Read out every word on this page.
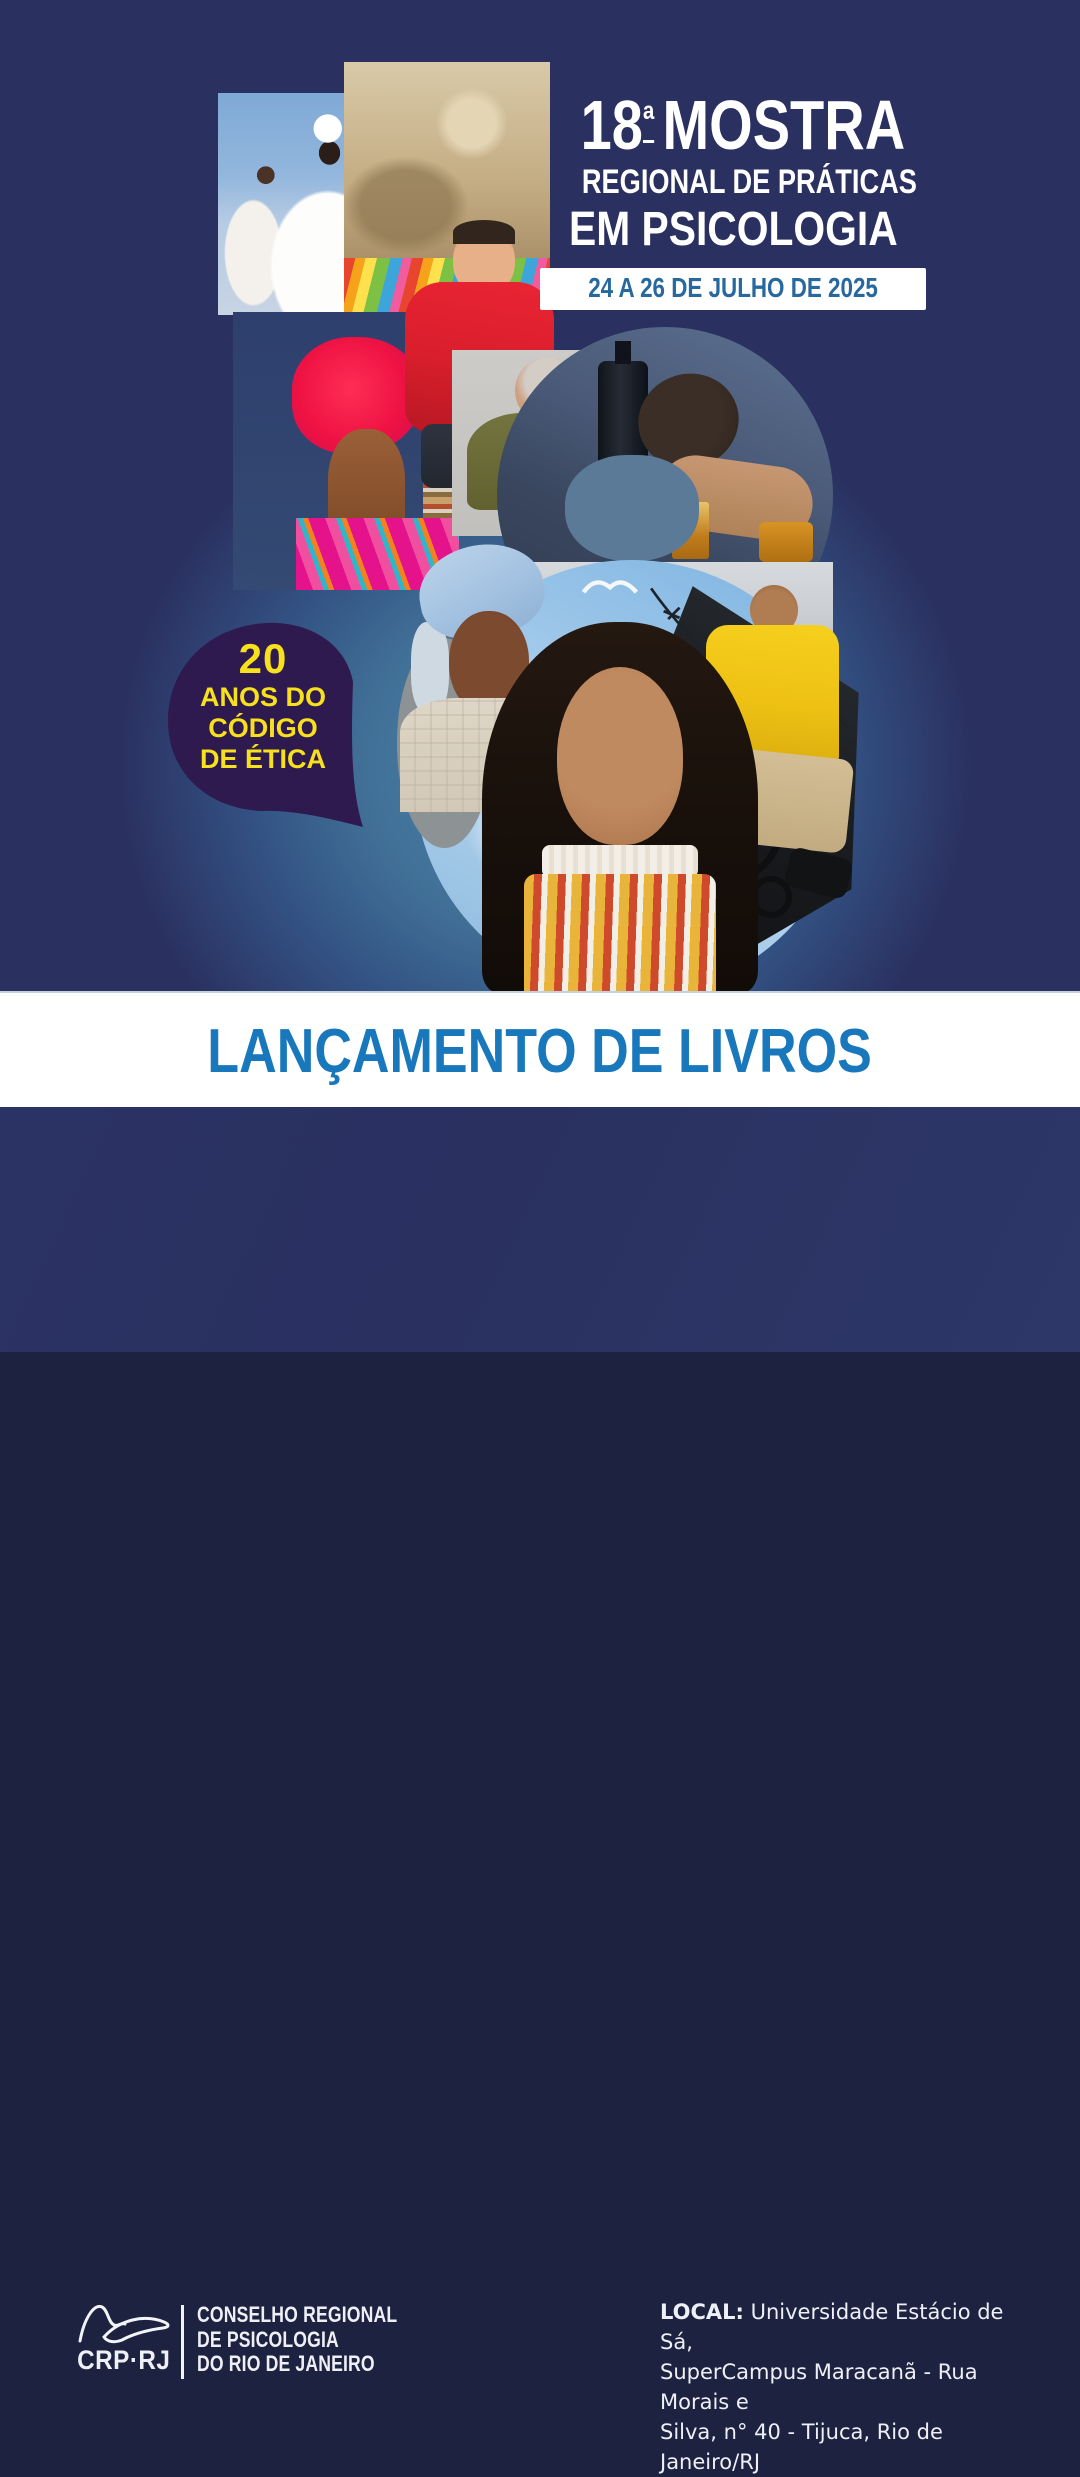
18ª MOSTRA
REGIONAL DE PRÁTICAS
EM PSICOLOGIA
24 A 26 DE JULHO DE 2025
20
ANOS DO
CÓDIGO
DE ÉTICA
LANÇAMENTO DE LIVROS
CRP·RJ
CONSELHO REGIONAL
DE PSICOLOGIA
DO RIO DE JANEIRO
LOCAL: Universidade Estácio de Sá,
SuperCampus Maracanã - Rua Morais e
Silva, n° 40 - Tijuca, Rio de Janeiro/RJ
